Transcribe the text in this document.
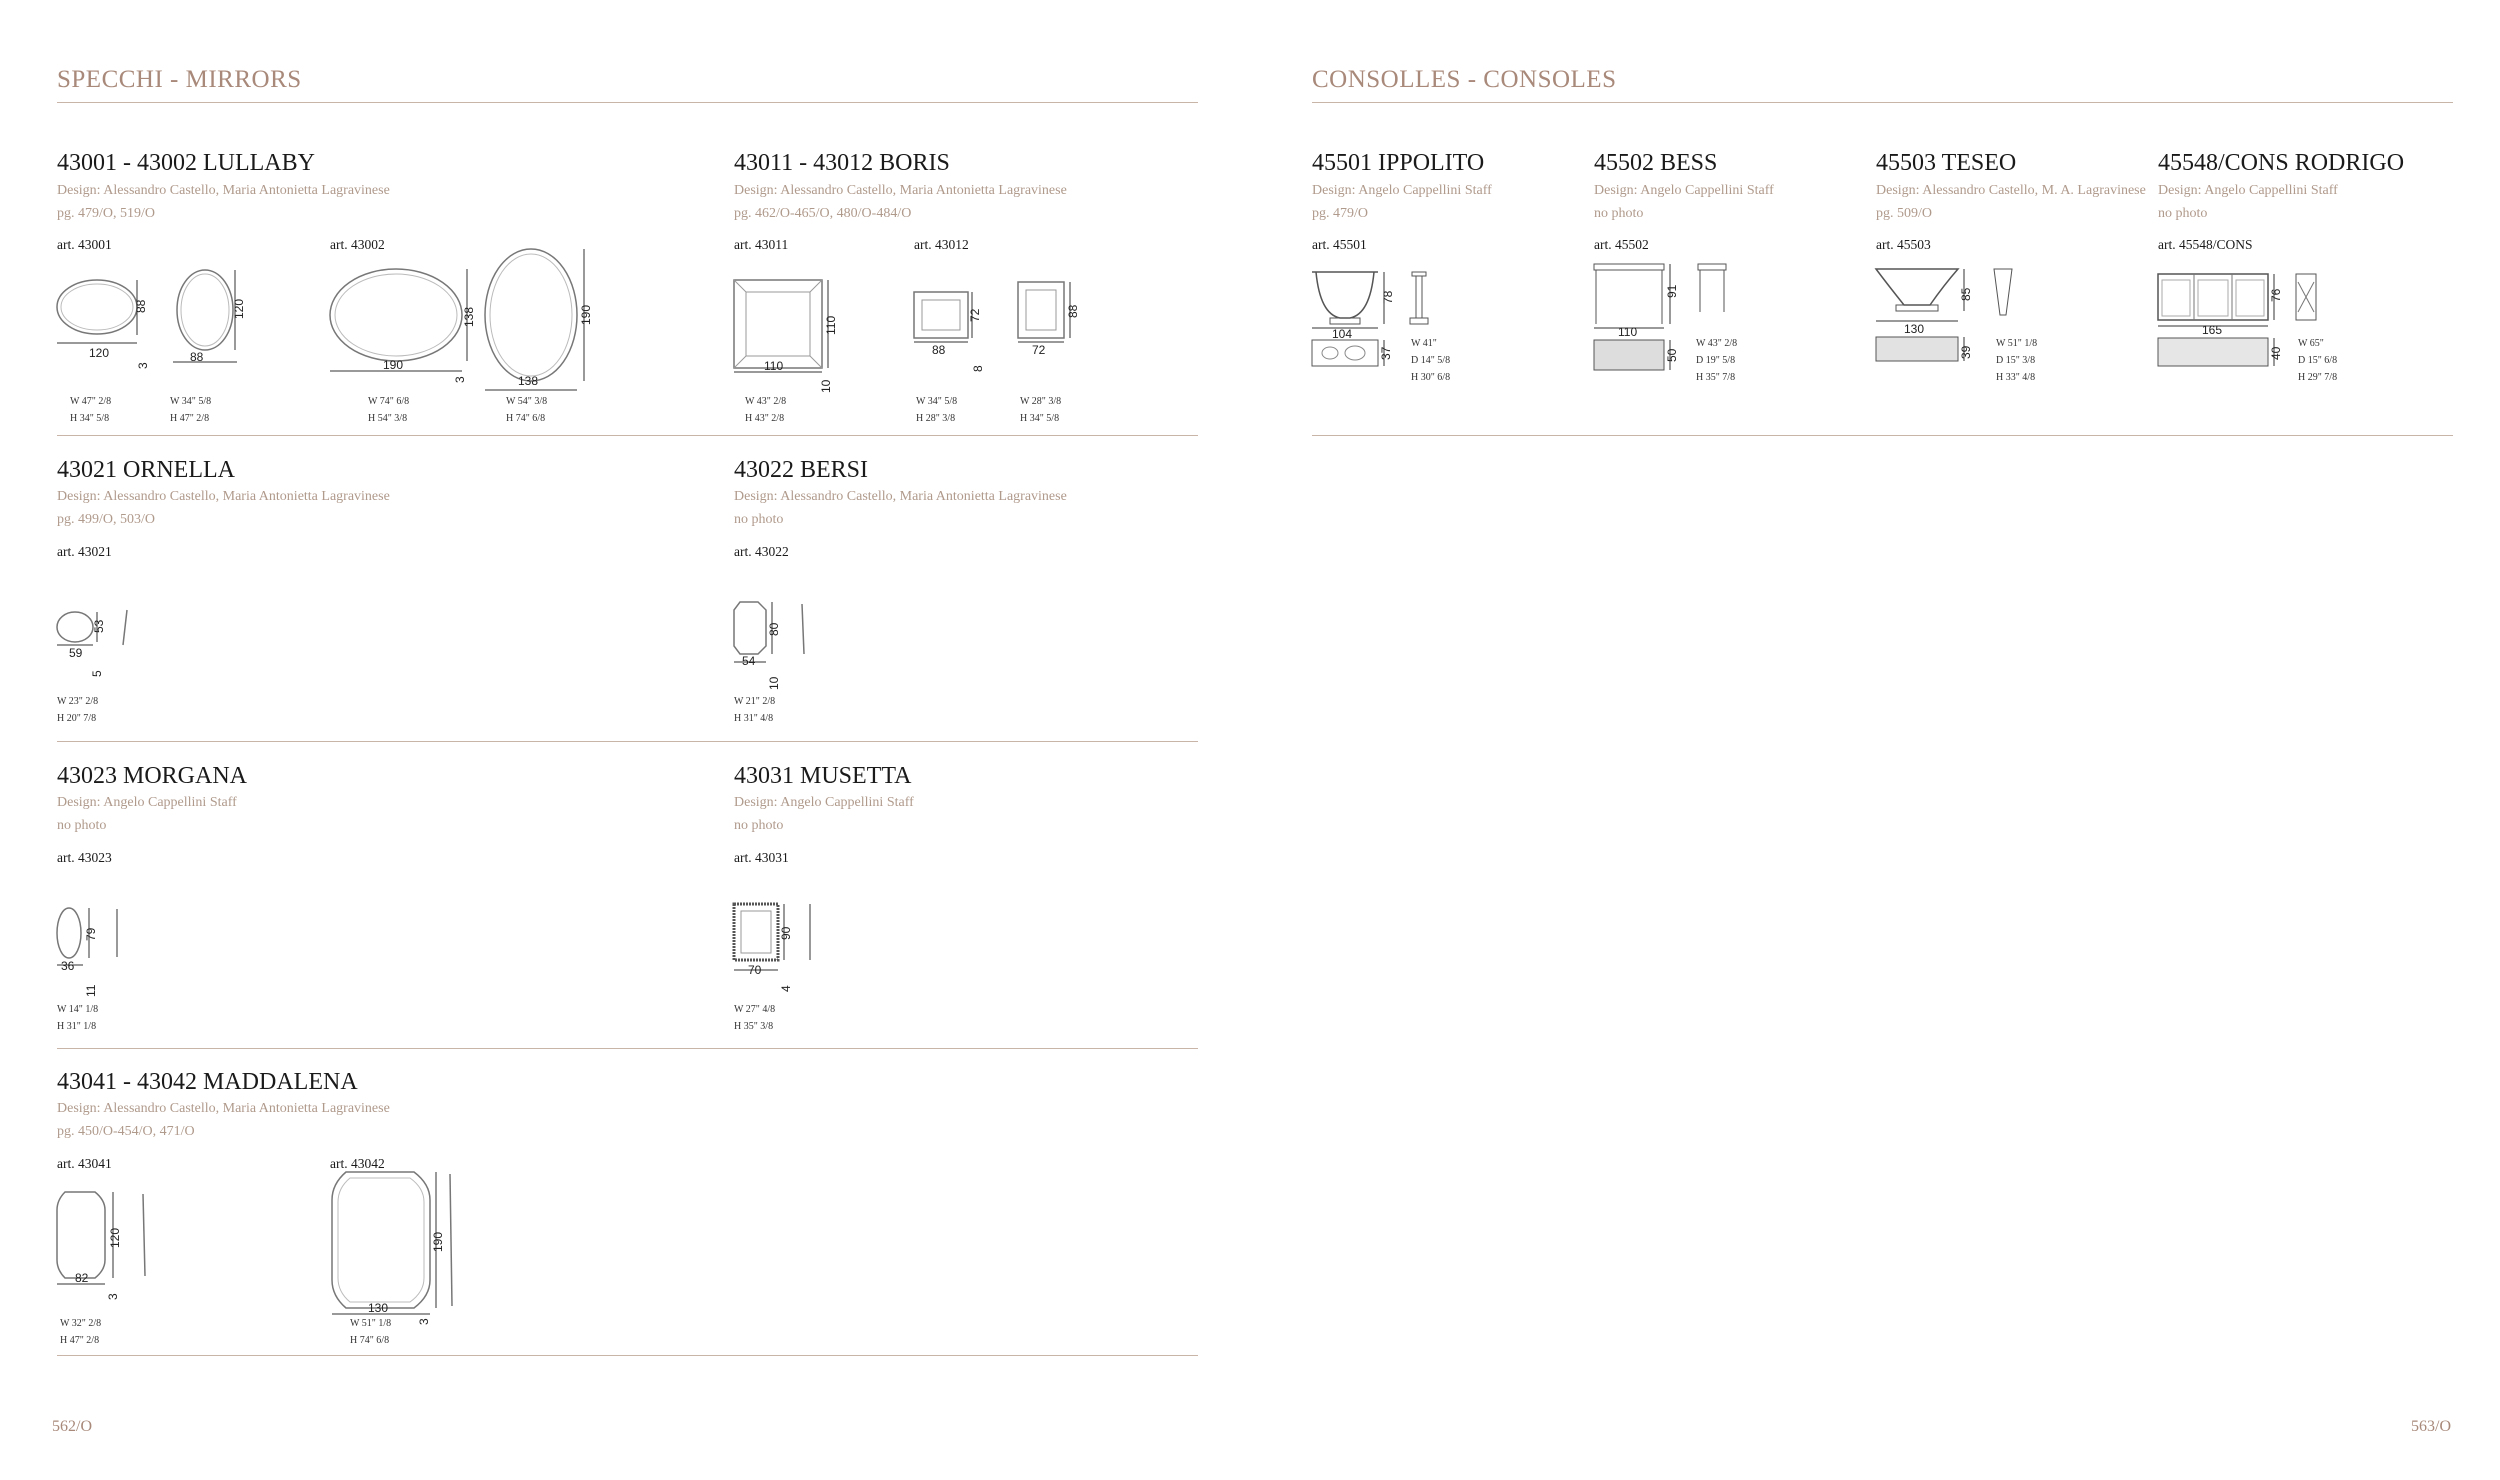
SPECCHI - MIRRORS
43001 - 43002 LULLABY
Design: Alessandro Castello, Maria Antonietta Lagravinese
pg. 479/O, 519/O
art. 43001	art. 43002
120
88
88
120
3
W 47" 2/8
H 34" 5/8
W 34" 5/8
H 47" 2/8
190
138
138
190
3
W 74" 6/8
H 54" 3/8
W 54" 3/8
H 74" 6/8
43011 - 43012 BORIS
Design: Alessandro Castello, Maria Antonietta Lagravinese
pg. 462/O-465/O, 480/O-484/O
art. 43011	art. 43012
110
110
10
W 43" 2/8
H 43" 2/8
88
72
72
88
8
W 34" 5/8
H 28" 3/8
W 28" 3/8
H 34" 5/8
43021 ORNELLA
Design: Alessandro Castello, Maria Antonietta Lagravinese
pg. 499/O, 503/O
art. 43021
59
53
5
W 23" 2/8
H 20" 7/8
43022 BERSI
Design: Alessandro Castello, Maria Antonietta Lagravinese
no photo
art. 43022
54
80
10
W 21" 2/8
H 31" 4/8
43023 MORGANA
Design: Angelo Cappellini Staff
no photo
art. 43023
36
79
11
W 14" 1/8
H 31" 1/8
43031 MUSETTA
Design: Angelo Cappellini Staff
no photo
art. 43031
70
90
4
W 27" 4/8
H 35" 3/8
43041 - 43042 MADDALENA
Design: Alessandro Castello, Maria Antonietta Lagravinese
pg. 450/O-454/O, 471/O
art. 43041	art. 43042
82
120
3
W 32" 2/8
H 47" 2/8
130
190
3
W 51" 1/8
H 74" 6/8
562/O
CONSOLLES - CONSOLES
45501 IPPOLITO
Design: Angelo Cappellini Staff
pg. 479/O
art. 45501
104
78
37
W 41"
D 14" 5/8
H 30" 6/8
45502 BESS
Design: Angelo Cappellini Staff
no photo
art. 45502
110
91
50
W 43" 2/8
D 19" 5/8
H 35" 7/8
45503 TESEO
Design: Alessandro Castello, M. A. Lagravinese
pg. 509/O
art. 45503
130
85
39
W 51" 1/8
D 15" 3/8
H 33" 4/8
45548/CONS RODRIGO
Design: Angelo Cappellini Staff
no photo
art. 45548/CONS
165
76
40
W 65"
D 15" 6/8
H 29" 7/8
563/O
